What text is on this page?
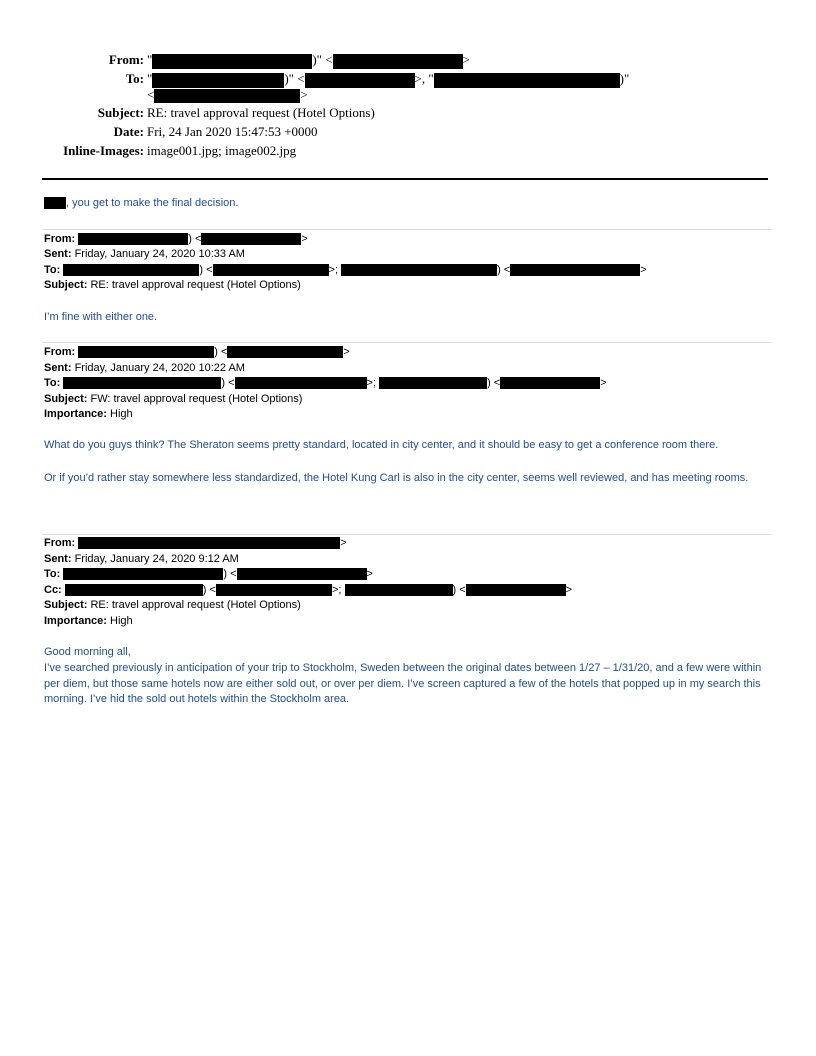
From: "	)" <	>
To: "	)" <	>, "	)"
<	>
Subject: RE: travel approval request (Hotel Options)
Date: Fri, 24 Jan 2020 15:47:53 +0000
Inline-Images: image001.jpg; image002.jpg
, you get to make the final decision.
From:	) <	>
Sent: Friday, January 24, 2020 10:33 AM
To:	) <	>;	) <	>
Subject: RE: travel approval request (Hotel Options)
I’m fine with either one.
From:	) <	>
Sent: Friday, January 24, 2020 10:22 AM
To:	) <	>;	) <	>
Subject: FW: travel approval request (Hotel Options)
Importance: High
What do you guys think? The Sheraton seems pretty standard, located in city center, and it should be easy to get a conference room there.
Or if you’d rather stay somewhere less standardized, the Hotel Kung Carl is also in the city center, seems well reviewed, and has meeting rooms.
From:	>
Sent: Friday, January 24, 2020 9:12 AM
To:	) <	>
Cc:	) <	>;	) <	>
Subject: RE: travel approval request (Hotel Options)
Importance: High
Good morning all,
I’ve searched previously in anticipation of your trip to Stockholm, Sweden between the original dates between 1/27 – 1/31/20, and a few were within per diem, but those same hotels now are either sold out, or over per diem. I’ve screen captured a few of the hotels that popped up in my search this morning. I’ve hid the sold out hotels within the Stockholm area.
